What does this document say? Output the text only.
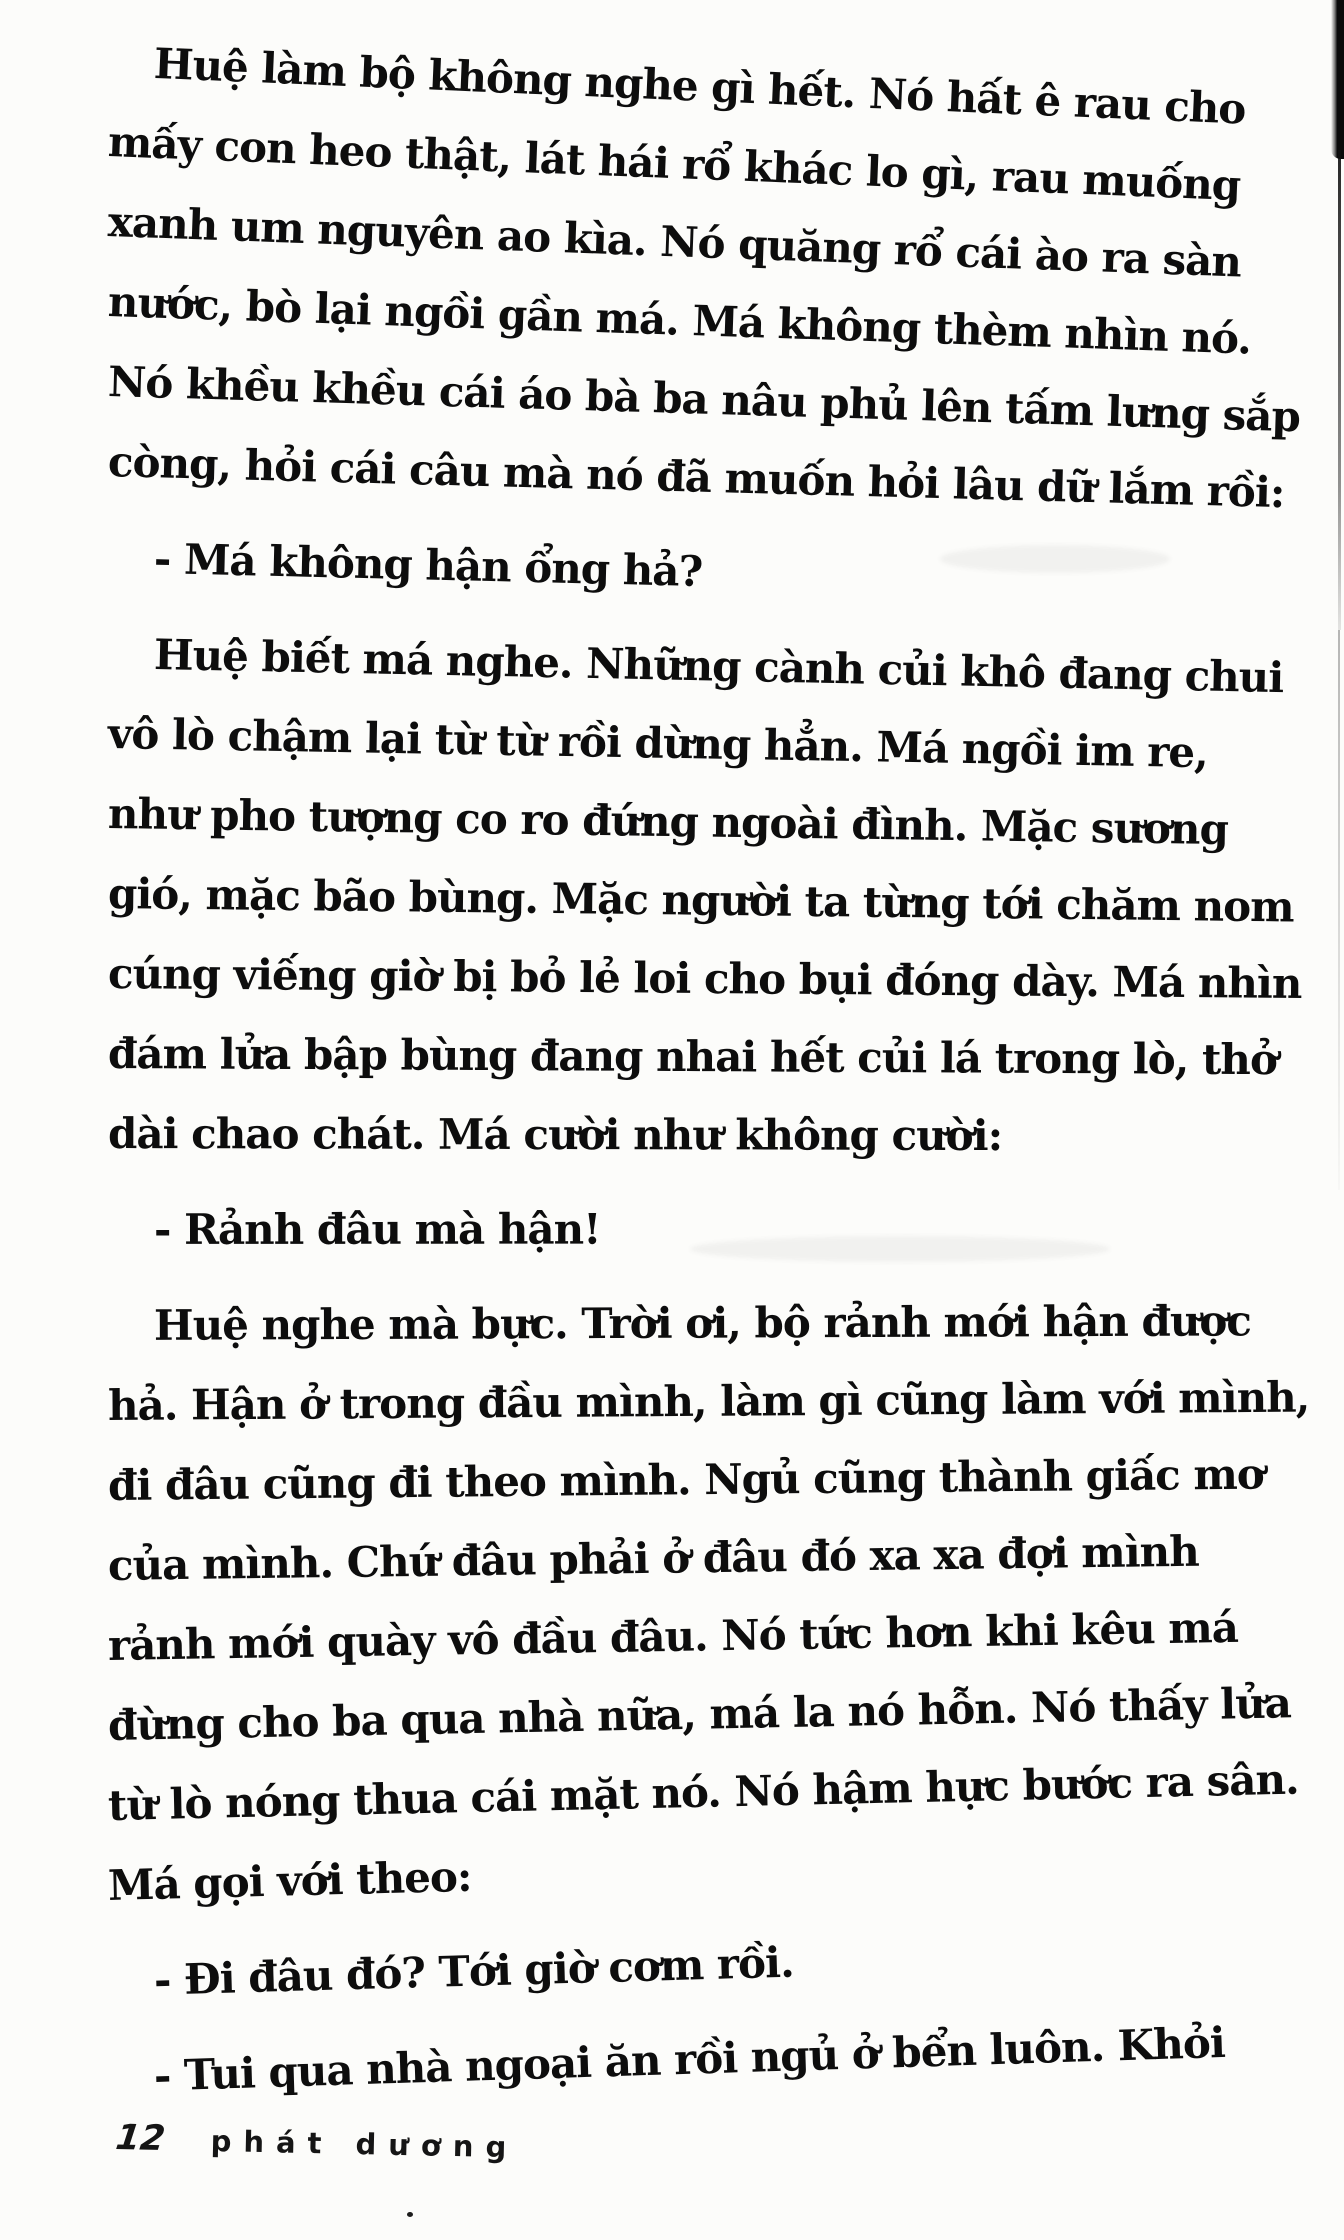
Huệ làm bộ không nghe gì hết. Nó hất ê rau cho
mấy con heo thật, lát hái rổ khác lo gì, rau muống
xanh um nguyên ao kìa. Nó quăng rổ cái ào ra sàn
nước, bò lại ngồi gần má. Má không thèm nhìn nó.
Nó khều khều cái áo bà ba nâu phủ lên tấm lưng sắp
còng, hỏi cái câu mà nó đã muốn hỏi lâu dữ lắm rồi:
- Má không hận ổng hả?
Huệ biết má nghe. Những cành củi khô đang chui
vô lò chậm lại từ từ rồi dừng hẳn. Má ngồi im re,
như pho tượng co ro đứng ngoài đình. Mặc sương
gió, mặc bão bùng. Mặc người ta từng tới chăm nom
cúng viếng giờ bị bỏ lẻ loi cho bụi đóng dày. Má nhìn
đám lửa bập bùng đang nhai hết củi lá trong lò, thở
dài chao chát. Má cười như không cười:
- Rảnh đâu mà hận!
Huệ nghe mà bực. Trời ơi, bộ rảnh mới hận được
hả. Hận ở trong đầu mình, làm gì cũng làm với mình,
đi đâu cũng đi theo mình. Ngủ cũng thành giấc mơ
của mình. Chứ đâu phải ở đâu đó xa xa đợi mình
rảnh mới quày vô đầu đâu. Nó tức hơn khi kêu má
đừng cho ba qua nhà nữa, má la nó hỗn. Nó thấy lửa
từ lò nóng thua cái mặt nó. Nó hậm hực bước ra sân.
Má gọi với theo:
- Đi đâu đó? Tới giờ cơm rồi.
- Tui qua nhà ngoại ăn rồi ngủ ở bển luôn. Khỏi
12 phát dương
